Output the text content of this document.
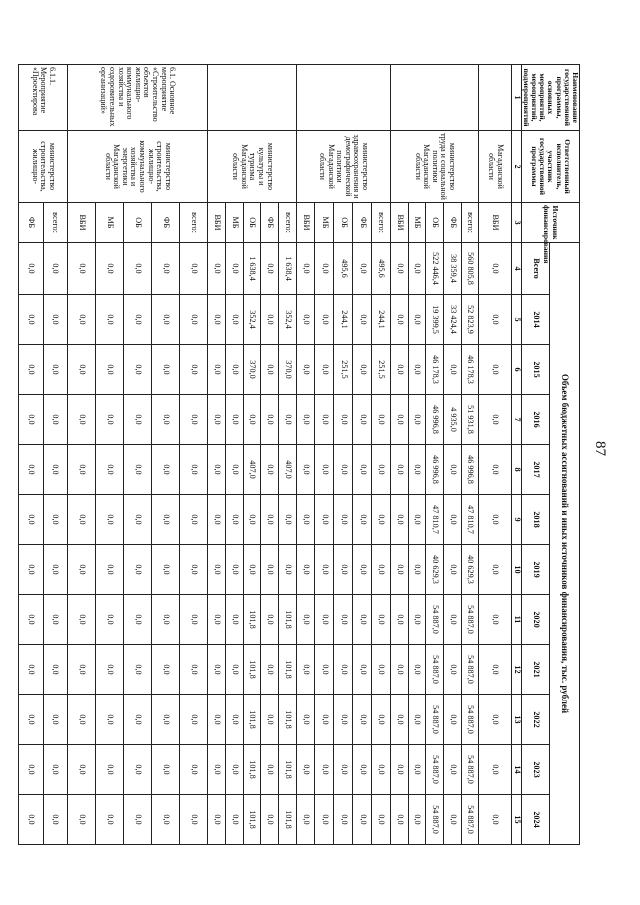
87
Наименование государственной программы, основных мероприятий, мероприятий, подмероприятий	Ответственный исполнитель, участник государственной программы	Источник финансирования	Объем бюджетных ассигнований и иных источников финансирования, тыс. рублей											
			Всего	2014	2015	2016	2017	2018	2019	2020	2021	2022	2023	2024
1	2	3	4	5	6	7	8	9	10	11	12	13	14	15
	Магаданской области	ВБИ	0,0	0,0	0,0	0,0	0,0	0,0	0,0	0,0	0,0	0,0	0,0	0,0
	министерство труда и социальной политики Магаданской области	всего:	560 805,8	52 823,9	46 178,3	51 931,8	46 996,8	47 810,7	40 629,3	54 887,0	54 887,0	54 887,0	54 887,0	54 887,0
		ФБ	38 359,4	33 424,4	0,0	4 935,0	0,0	0,0	0,0	0,0	0,0	0,0	0,0	0,0
		ОБ	522 446,4	19 399,5	46 178,3	46 996,8	46 996,8	47 810,7	40 629,3	54 887,0	54 887,0	54 887,0	54 887,0	54 887,0
		МБ	0,0	0,0	0,0	0,0	0,0	0,0	0,0	0,0	0,0	0,0	0,0	0,0
		ВБИ	0,0	0,0	0,0	0,0	0,0	0,0	0,0	0,0	0,0	0,0	0,0	0,0
	министерство здравоохранения и демографической политики Магаданской области	всего:	495,6	244,1	251,5	0,0	0,0	0,0	0,0	0,0	0,0	0,0	0,0	0,0
		ФБ	0,0	0,0	0,0	0,0	0,0	0,0	0,0	0,0	0,0	0,0	0,0	0,0
		ОБ	495,6	244,1	251,5	0,0	0,0	0,0	0,0	0,0	0,0	0,0	0,0	0,0
		МБ	0,0	0,0	0,0	0,0	0,0	0,0	0,0	0,0	0,0	0,0	0,0	0,0
		ВБИ	0,0	0,0	0,0	0,0	0,0	0,0	0,0	0,0	0,0	0,0	0,0	0,0
	министерство культуры и туризма Магаданской области	всего:	1 638,4	352,4	370,0	0,0	407,0	0,0	0,0	101,8	101,8	101,8	101,8	101,8
		ФБ	0,0	0,0	0,0	0,0	0,0	0,0	0,0	0,0	0,0	0,0	0,0	0,0
		ОБ	1 638,4	352,4	370,0	0,0	407,0	0,0	0,0	101,8	101,8	101,8	101,8	101,8
		МБ	0,0	0,0	0,0	0,0	0,0	0,0	0,0	0,0	0,0	0,0	0,0	0,0
		ВБИ	0,0	0,0	0,0	0,0	0,0	0,0	0,0	0,0	0,0	0,0	0,0	0,0
6.1. Основное мероприятие «Строительство объектов жилищно-коммунального хозяйства и оздоровительных организаций»	министерство строительства, жилищно-коммунального хозяйства и энергетики Магаданской области	всего:	0,0	0,0	0,0	0,0	0,0	0,0	0,0	0,0	0,0	0,0	0,0	0,0
		ФБ	0,0	0,0	0,0	0,0	0,0	0,0	0,0	0,0	0,0	0,0	0,0	0,0
		ОБ	0,0	0,0	0,0	0,0	0,0	0,0	0,0	0,0	0,0	0,0	0,0	0,0
		МБ	0,0	0,0	0,0	0,0	0,0	0,0	0,0	0,0	0,0	0,0	0,0	0,0
		ВБИ	0,0	0,0	0,0	0,0	0,0	0,0	0,0	0,0	0,0	0,0	0,0	0,0
6.1.1. Мероприятие «Проектирова	министерство строительства, жилищно-	всего:	0,0	0,0	0,0	0,0	0,0	0,0	0,0	0,0	0,0	0,0	0,0	0,0
		ФБ	0,0	0,0	0,0	0,0	0,0	0,0	0,0	0,0	0,0	0,0	0,0	0,0
